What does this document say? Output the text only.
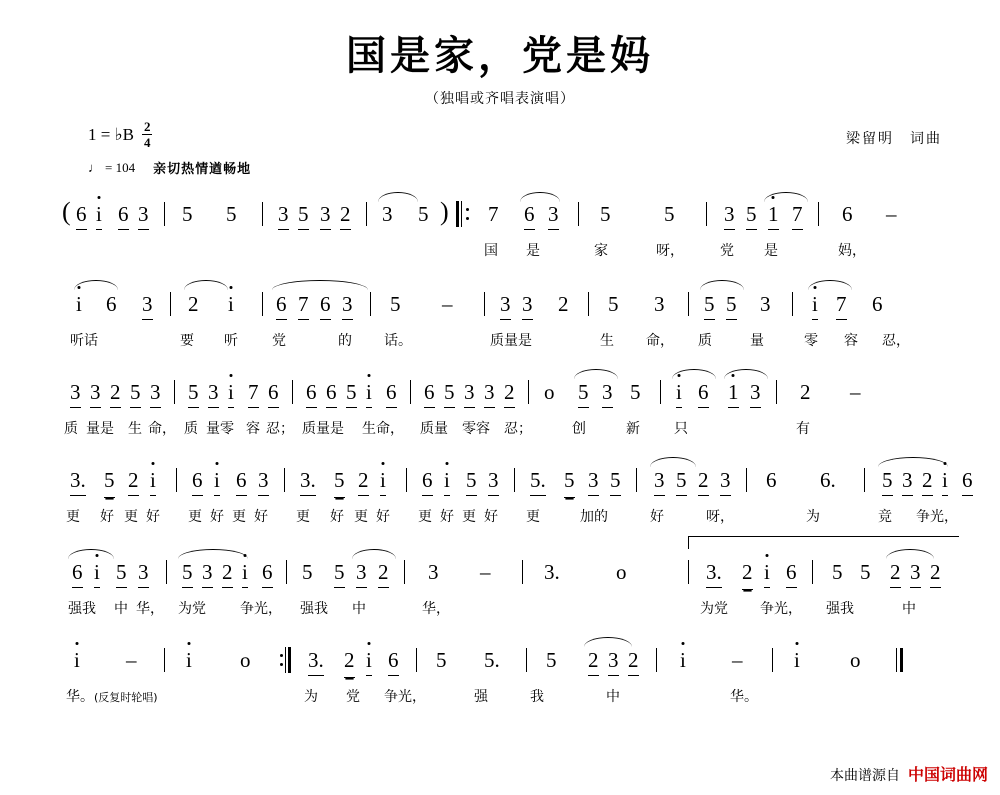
国是家，党是妈
（独唱或齐唱表演唱）
1 = ♭B $\frac{2}{4}$
♩ = 104 亲切热情遒畅地
梁留明　词曲
( 6 i 6 3 5 5 3 5 3 2 3 5 ) 7 6 3 5	5 3 5 1 7 6 –
国 是	家	呀，	党 是	妈，
i 6 3 2 i 6 7 6 3 5 – 3 3 2 5 3 5 5 3 i 7 6
听话	要 听 党	的 话。	质量是	生 命， 质	量	零 容 忍，
3 3 2 5 3 5 3 i 7 6 6 6 5 i 6 6 5 3 3 2 o 5 3 5 i 6 1 3 2 –
质 量是 生 命， 质 量零 容 忍； 质量是 生命， 质量 零容 忍；	创	新 只	有
3. 5 2 i 6 i 6 3 3. 5 2 i 6 i 5 3 5. 5 3 5 3 5 2 3 6 6. 5 3 2 i 6
更 好 更 好 更 好 更 好 更 好 更 好 更 好 更 好 更	加的	好	呀，	为	竞 争光，
6 i 5 3 5 3 2 i 6 5 5 3 2 3 –	3.	o	3. 2 i 6 5 5 2 3 2
强我 中 华， 为党 争光， 强我 中	华，	为党 争光， 强我	中
i – i o	3. 2 i 6 5 5. 5 2 3 2 i – i o
华。(反复时轮唱)	为 党 争光，	强	我	中	华。
本曲谱源自 中国词曲网
